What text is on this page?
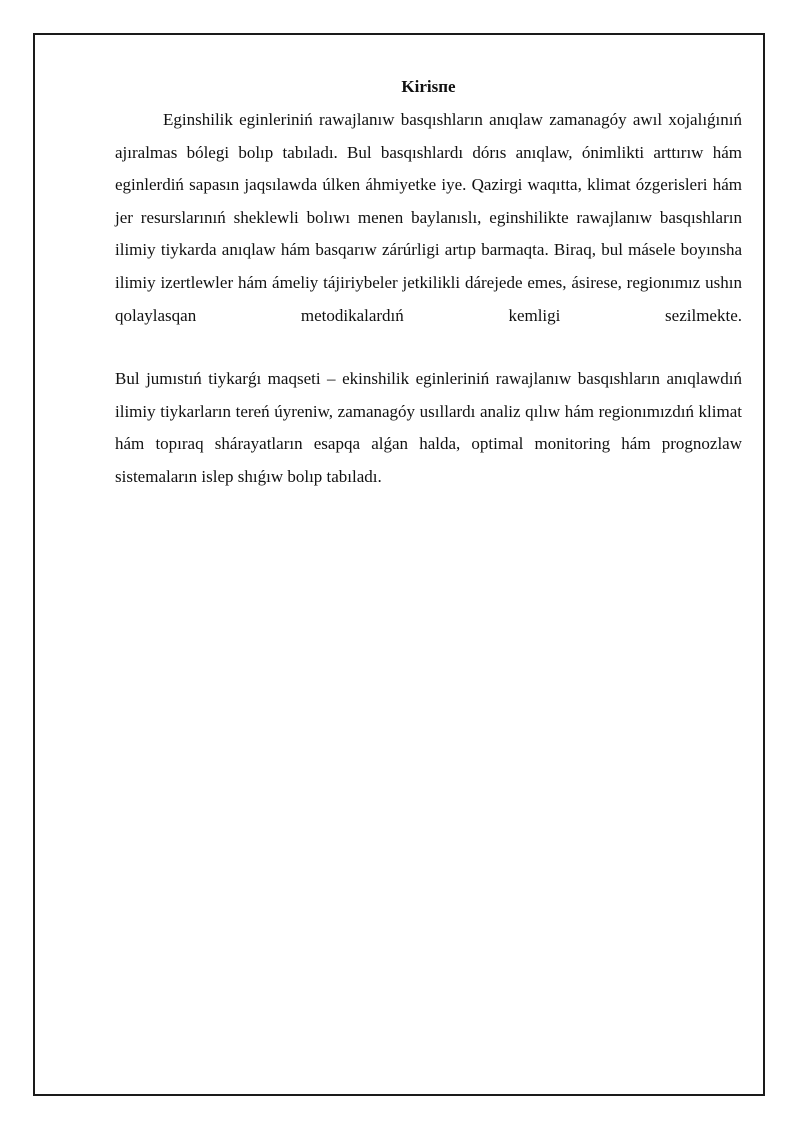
Kirisпе

Eginshilik eginleriniń rawajlanıw basqıshların anıqlaw zamanagóy awıl xojalıǵınıń ajıralmas bólegi bolıp tabıladı. Bul basqıshlardı dórıs anıqlaw, ónimlikti arttırıw hám eginlerdiń sapasın jaqsılawda úlken áhmiyetke iye. Qazirgi waqıtta, klimat ózgerisleri hám jer resurslarınıń sheklewli bolıwı menen baylanıslı, eginshilikte rawajlanıw basqıshların ilimiy tiykarda anıqlaw hám basqarıw zárúrligi artıp barmaqta. Biraq, bul másele boyınsha ilimiy izertlewler hám ámeliy tájiriybeler jetkilikli dárejede emes, ásirese, regionımız ushın qolaylasqan metodikalardıń kemligi sezilmekte.

Bul jumıstıń tiykarǵı maqseti – ekinshilik eginleriniń rawajlanıw basqıshların anıqlawdıń ilimiy tiykarların tereń úyreniw, zamanagóy usıllardı analiz qılıw hám regionımızdıń klimat hám topıraq shárayatların esapqa alǵan halda, optimal monitoring hám prognozlaw sistemaların islep shıǵıw bolıp tabıladı.
